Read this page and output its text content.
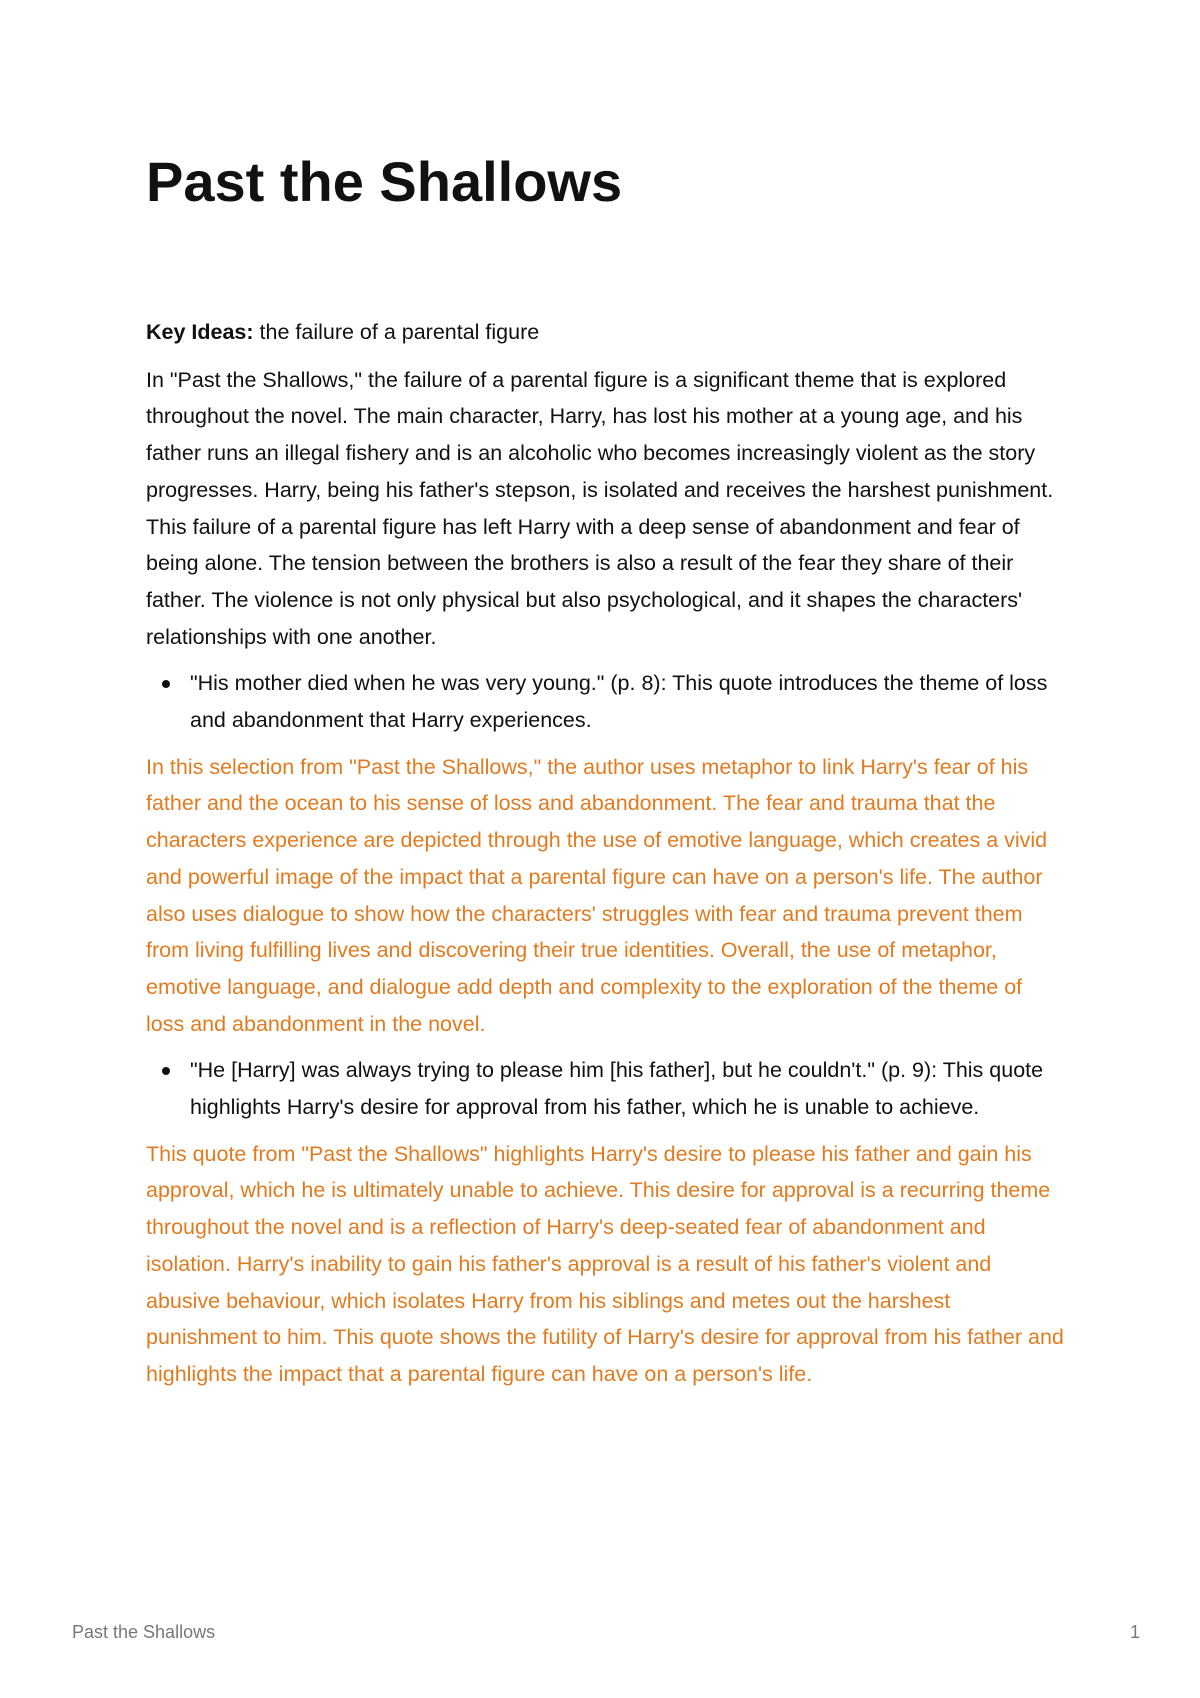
Past the Shallows

Key Ideas: the failure of a parental figure

In "Past the Shallows," the failure of a parental figure is a significant theme that is explored throughout the novel. The main character, Harry, has lost his mother at a young age, and his father runs an illegal fishery and is an alcoholic who becomes increasingly violent as the story progresses. Harry, being his father's stepson, is isolated and receives the harshest punishment. This failure of a parental figure has left Harry with a deep sense of abandonment and fear of being alone. The tension between the brothers is also a result of the fear they share of their father. The violence is not only physical but also psychological, and it shapes the characters' relationships with one another.

"His mother died when he was very young." (p. 8): This quote introduces the theme of loss and abandonment that Harry experiences.

In this selection from "Past the Shallows," the author uses metaphor to link Harry's fear of his father and the ocean to his sense of loss and abandonment. The fear and trauma that the characters experience are depicted through the use of emotive language, which creates a vivid and powerful image of the impact that a parental figure can have on a person's life. The author also uses dialogue to show how the characters' struggles with fear and trauma prevent them from living fulfilling lives and discovering their true identities. Overall, the use of metaphor, emotive language, and dialogue add depth and complexity to the exploration of the theme of loss and abandonment in the novel.

"He [Harry] was always trying to please him [his father], but he couldn't." (p. 9): This quote highlights Harry's desire for approval from his father, which he is unable to achieve.

This quote from "Past the Shallows" highlights Harry's desire to please his father and gain his approval, which he is ultimately unable to achieve. This desire for approval is a recurring theme throughout the novel and is a reflection of Harry's deep-seated fear of abandonment and isolation. Harry's inability to gain his father's approval is a result of his father's violent and abusive behaviour, which isolates Harry from his siblings and metes out the harshest punishment to him. This quote shows the futility of Harry's desire for approval from his father and highlights the impact that a parental figure can have on a person's life.

Past the Shallows	1
